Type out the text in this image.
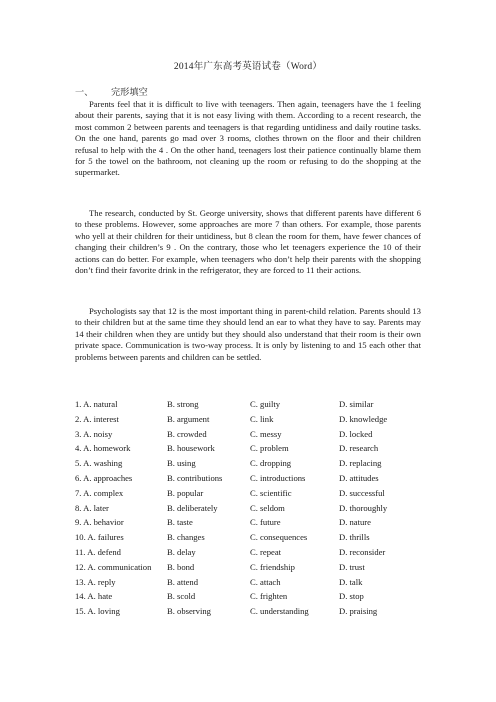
2014年广东高考英语试卷（Word）
一、 完形填空

Parents feel that it is difficult to live with teenagers. Then again, teenagers have the 1 feeling about their parents, saying that it is not easy living with them. According to a recent research, the most common 2 between parents and teenagers is that regarding untidiness and daily routine tasks. On the one hand, parents go mad over 3 rooms, clothes thrown on the floor and their children refusal to help with the 4 . On the other hand, teenagers lost their patience continually blame them for 5 the towel on the bathroom, not cleaning up the room or refusing to do the shopping at the supermarket.

The research, conducted by St. George university, shows that different parents have different 6 to these problems. However, some approaches are more 7 than others. For example, those parents who yell at their children for their untidiness, but 8 clean the room for them, have fewer chances of changing their children’s 9 . On the contrary, those who let teenagers experience the 10 of their actions can do better. For example, when teenagers who don’t help their parents with the shopping don’t find their favorite drink in the refrigerator, they are forced to 11 their actions.

Psychologists say that 12 is the most important thing in parent-child relation. Parents should 13 to their children but at the same time they should lend an ear to what they have to say. Parents may 14 their children when they are untidy but they should also understand that their room is their own private space. Communication is two-way process. It is only by listening to and 15 each other that problems between parents and children can be settled.

1. A. natural	B. strong	C. guilty	D. similar
2. A. interest	B. argument	C. link	D. knowledge
3. A. noisy	B. crowded	C. messy	D. locked
4. A. homework	B. housework	C. problem	D. research
5. A. washing	B. using	C. dropping	D. replacing
6. A. approaches	B. contributions	C. introductions	D. attitudes
7. A. complex	B. popular	C. scientific	D. successful
8. A. later	B. deliberately	C. seldom	D. thoroughly
9. A. behavior	B. taste	C. future	D. nature
10. A. failures	B. changes	C. consequences	D. thrills
11. A. defend	B. delay	C. repeat	D. reconsider
12. A. communication B. bond	C. friendship	D. trust
13. A. reply	B. attend	C. attach	D. talk
14. A. hate	B. scold	C. frighten	D. stop
15. A. loving	B. observing	C. understanding	D. praising
